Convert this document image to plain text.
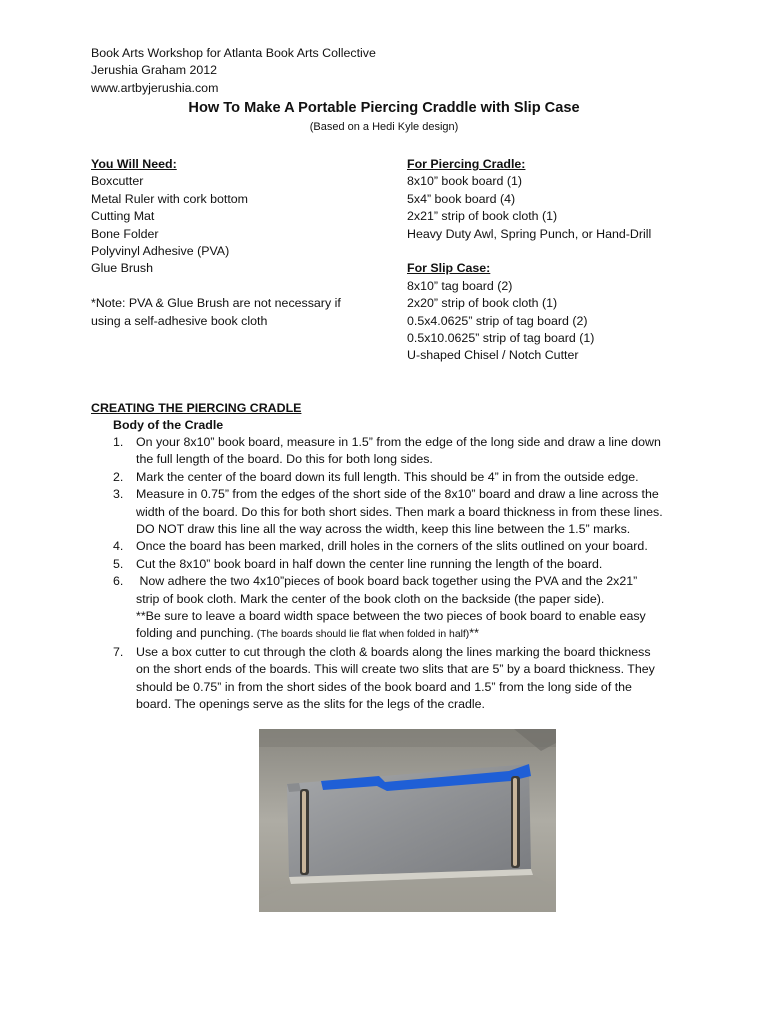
Book Arts Workshop for Atlanta Book Arts Collective
Jerushia Graham 2012
www.artbyjerushia.com
How To Make A Portable Piercing Craddle with Slip Case
(Based on a Hedi Kyle design)
You Will Need:
Boxcutter
Metal Ruler with cork bottom
Cutting Mat
Bone Folder
Polyvinyl Adhesive (PVA)
Glue Brush
*Note: PVA & Glue Brush are not necessary if
using a self-adhesive book cloth
For Piercing Cradle:
8x10” book board (1)
5x4” book board (4)
2x21” strip of book cloth (1)
Heavy Duty Awl, Spring Punch, or Hand-Drill
For Slip Case:
8x10” tag board (2)
2x20” strip of book cloth (1)
0.5x4.0625” strip of tag board (2)
0.5x10.0625” strip of tag board (1)
U-shaped Chisel / Notch Cutter
CREATING THE PIERCING CRADLE
Body of the Cradle
1. On your 8x10” book board, measure in 1.5” from the edge of the long side and draw a line down
the full length of the board. Do this for both long sides.
2. Mark the center of the board down its full length. This should be 4” in from the outside edge.
3. Measure in 0.75” from the edges of the short side of the 8x10” board and draw a line across the
width of the board. Do this for both short sides. Then mark a board thickness in from these lines.
DO NOT draw this line all the way across the width, keep this line between the 1.5” marks.
4. Once the board has been marked, drill holes in the corners of the slits outlined on your board.
5. Cut the 8x10” book board in half down the center line running the length of the board.
6. Now adhere the two 4x10”pieces of book board back together using the PVA and the 2x21”
strip of book cloth. Mark the center of the book cloth on the backside (the paper side).
**Be sure to leave a board width space between the two pieces of book board to enable easy
folding and punching. (The boards should lie flat when folded in half)**
7. Use a box cutter to cut through the cloth & boards along the lines marking the board thickness
on the short ends of the boards. This will create two slits that are 5” by a board thickness. They
should be 0.75” in from the short sides of the book board and 1.5” from the long side of the
board. The openings serve as the slits for the legs of the cradle.
